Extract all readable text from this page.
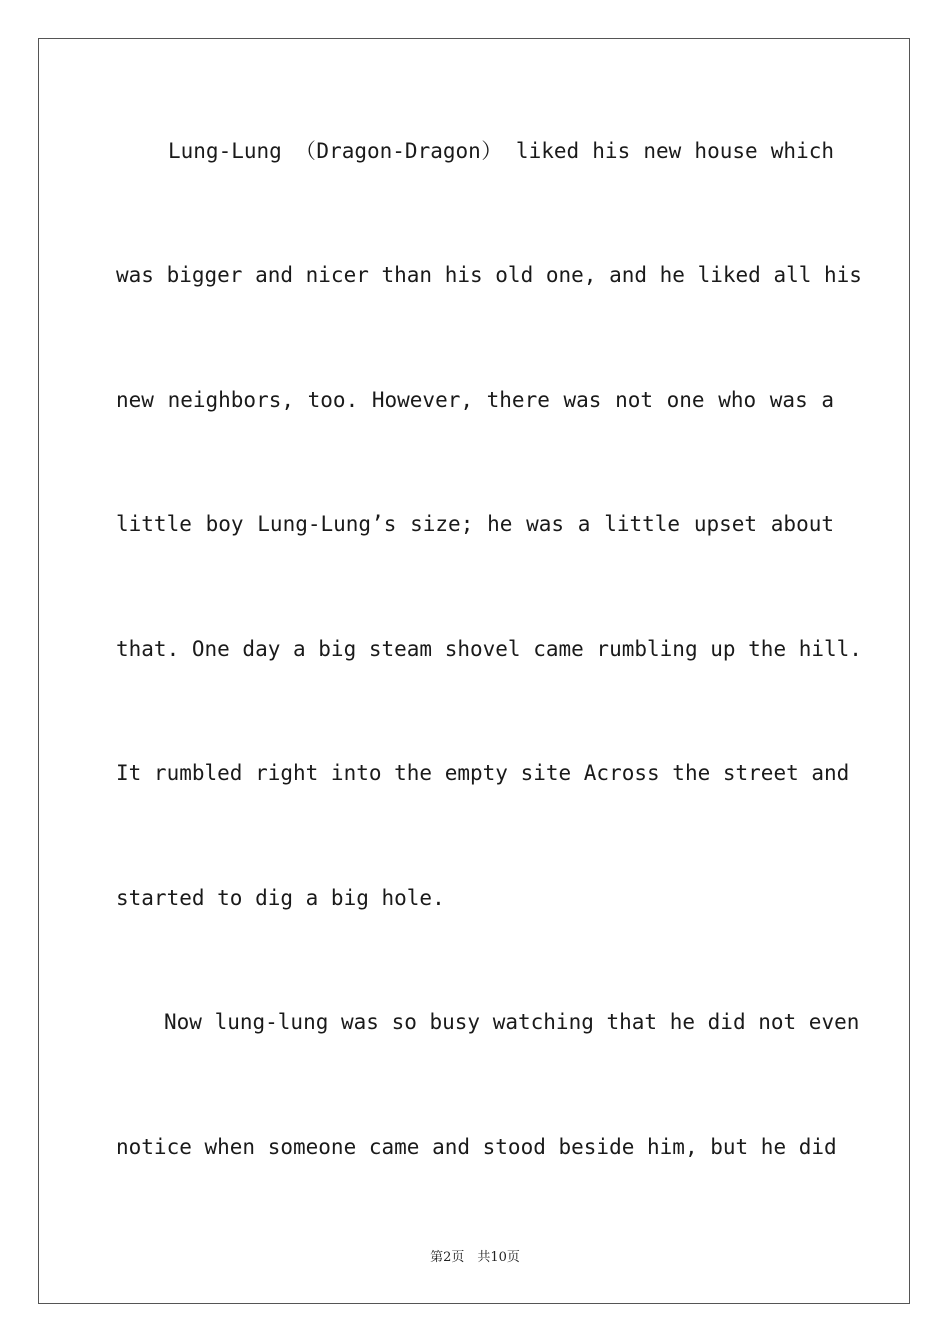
Lung-Lung （Dragon-Dragon） liked his new house which
was bigger and nicer than his old one, and he liked all his
new neighbors, too. However, there was not one who was a
little boy Lung-Lung’s size; he was a little upset about
that. One day a big steam shovel came rumbling up the hill.
It rumbled right into the empty site Across the street and
started to dig a big hole.
Now lung-lung was so busy watching that he did not even
notice when someone came and stood beside him, but he did
第2页　共10页
